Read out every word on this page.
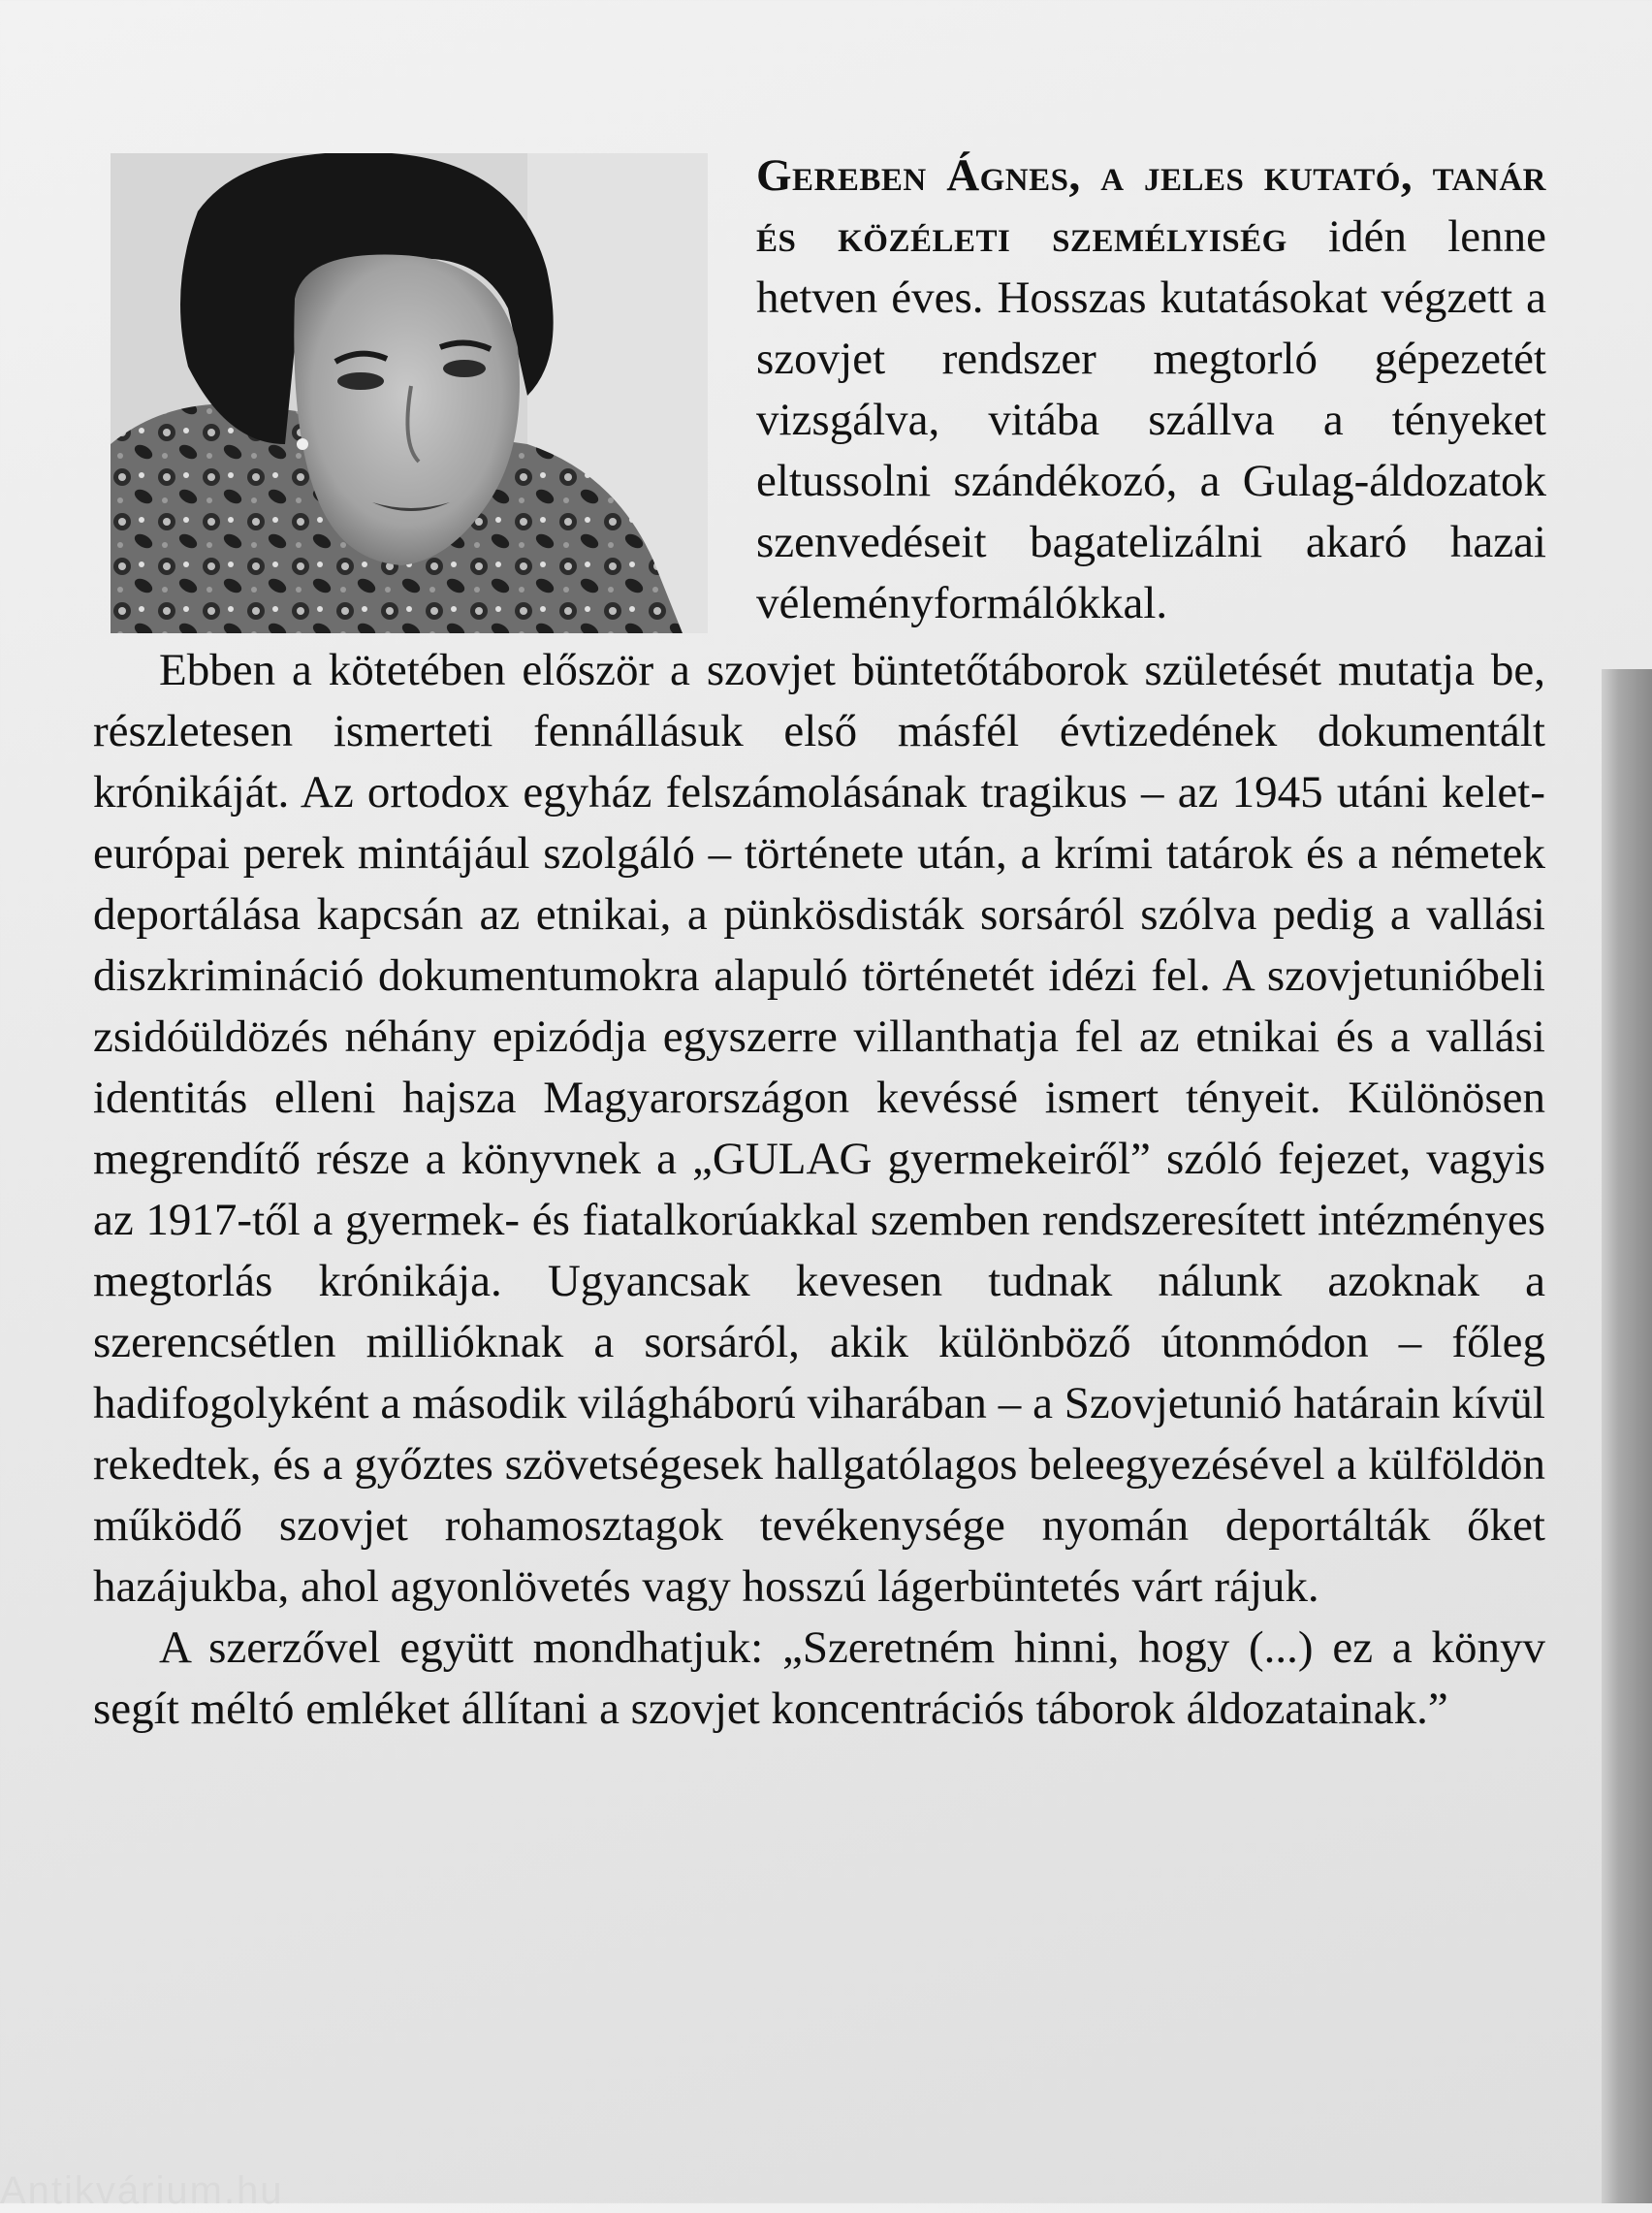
Gereben Ágnes, a jeles kutató, tanár és közéleti személyiség idén lenne hetven éves. Hosszas kutatásokat végzett a szovjet rendszer megtorló gépezetét vizsgálva, vitába szállva a tényeket eltussolni szándékozó, a Gulag-áldozatok szenvedéseit bagatelizálni akaró hazai véleményformálókkal.

Ebben a kötetében először a szovjet büntetőtáborok születését mutatja be, részletesen ismerteti fennállásuk első másfél évtizedének dokumentált krónikáját. Az ortodox egyház felszámolásának tragikus – az 1945 utáni kelet-európai perek mintájául szolgáló – története után, a krími tatárok és a németek deportálása kapcsán az etnikai, a pünkösdisták sorsáról szólva pedig a vallási diszkrimináció dokumentumokra alapuló történetét idézi fel. A szovjetunióbeli zsidóüldözés néhány epizódja egyszerre villanthatja fel az etnikai és a vallási identitás elleni hajsza Magyarországon kevéssé ismert tényeit. Különösen megrendítő része a könyvnek a „GULAG gyermekeiről” szóló fejezet, vagyis az 1917-től a gyermek- és fiatalkorúakkal szemben rendszeresített intézményes megtorlás krónikája. Ugyancsak kevesen tudnak nálunk azoknak a szerencsétlen millióknak a sorsáról, akik különböző útonmódon – főleg hadifogolyként a második világháború viharában – a Szovjetunió határain kívül rekedtek, és a győztes szövetségesek hallgatólagos beleegyezésével a külföldön működő szovjet rohamosztagok tevékenysége nyomán deportálták őket hazájukba, ahol agyonlövetés vagy hosszú lágerbüntetés várt rájuk.

A szerzővel együtt mondhatjuk: „Szeretném hinni, hogy (...) ez a könyv segít méltó emléket állítani a szovjet koncentrációs táborok áldozatainak.”

Antikvárium.hu
